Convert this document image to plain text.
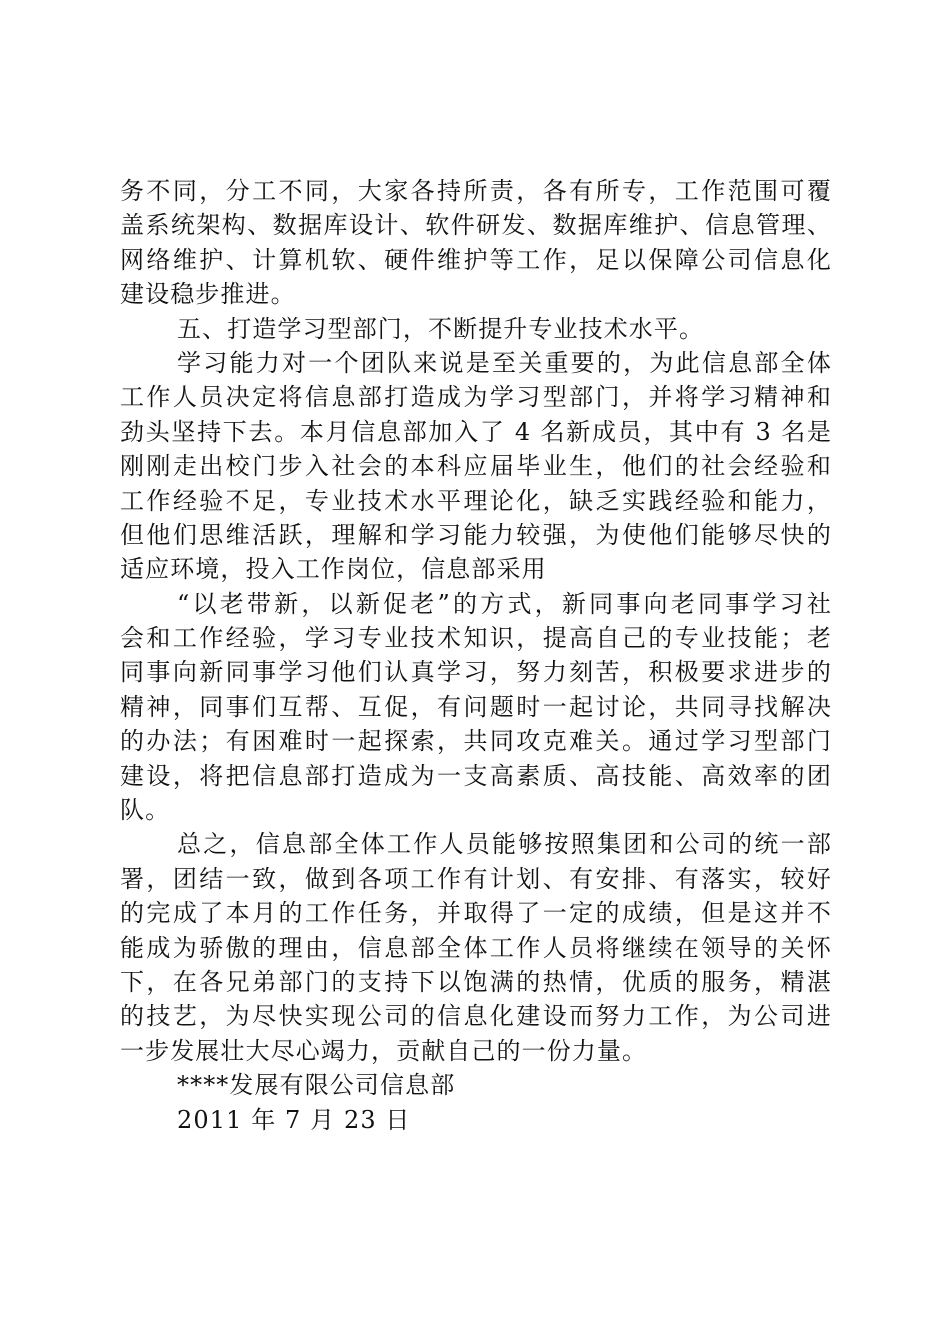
务不同，分工不同，大家各持所责，各有所专，工作范围可覆
盖系统架构、数据库设计、软件研发、数据库维护、信息管理、
网络维护、计算机软、硬件维护等工作，足以保障公司信息化
建设稳步推进。
五、打造学习型部门，不断提升专业技术水平。
学习能力对一个团队来说是至关重要的，为此信息部全体
工作人员决定将信息部打造成为学习型部门，并将学习精神和
劲头坚持下去。本月信息部加入了 4 名新成员，其中有 3 名是
刚刚走出校门步入社会的本科应届毕业生，他们的社会经验和
工作经验不足，专业技术水平理论化，缺乏实践经验和能力，
但他们思维活跃，理解和学习能力较强，为使他们能够尽快的
适应环境，投入工作岗位，信息部采用
“以老带新，以新促老”的方式，新同事向老同事学习社
会和工作经验，学习专业技术知识，提高自己的专业技能；老
同事向新同事学习他们认真学习，努力刻苦，积极要求进步的
精神，同事们互帮、互促，有问题时一起讨论，共同寻找解决
的办法；有困难时一起探索，共同攻克难关。通过学习型部门
建设，将把信息部打造成为一支高素质、高技能、高效率的团
队。
总之，信息部全体工作人员能够按照集团和公司的统一部
署，团结一致，做到各项工作有计划、有安排、有落实，较好
的完成了本月的工作任务，并取得了一定的成绩，但是这并不
能成为骄傲的理由，信息部全体工作人员将继续在领导的关怀
下，在各兄弟部门的支持下以饱满的热情，优质的服务，精湛
的技艺，为尽快实现公司的信息化建设而努力工作，为公司进
一步发展壮大尽心竭力，贡献自己的一份力量。
****发展有限公司信息部
2011 年 7 月 23 日
